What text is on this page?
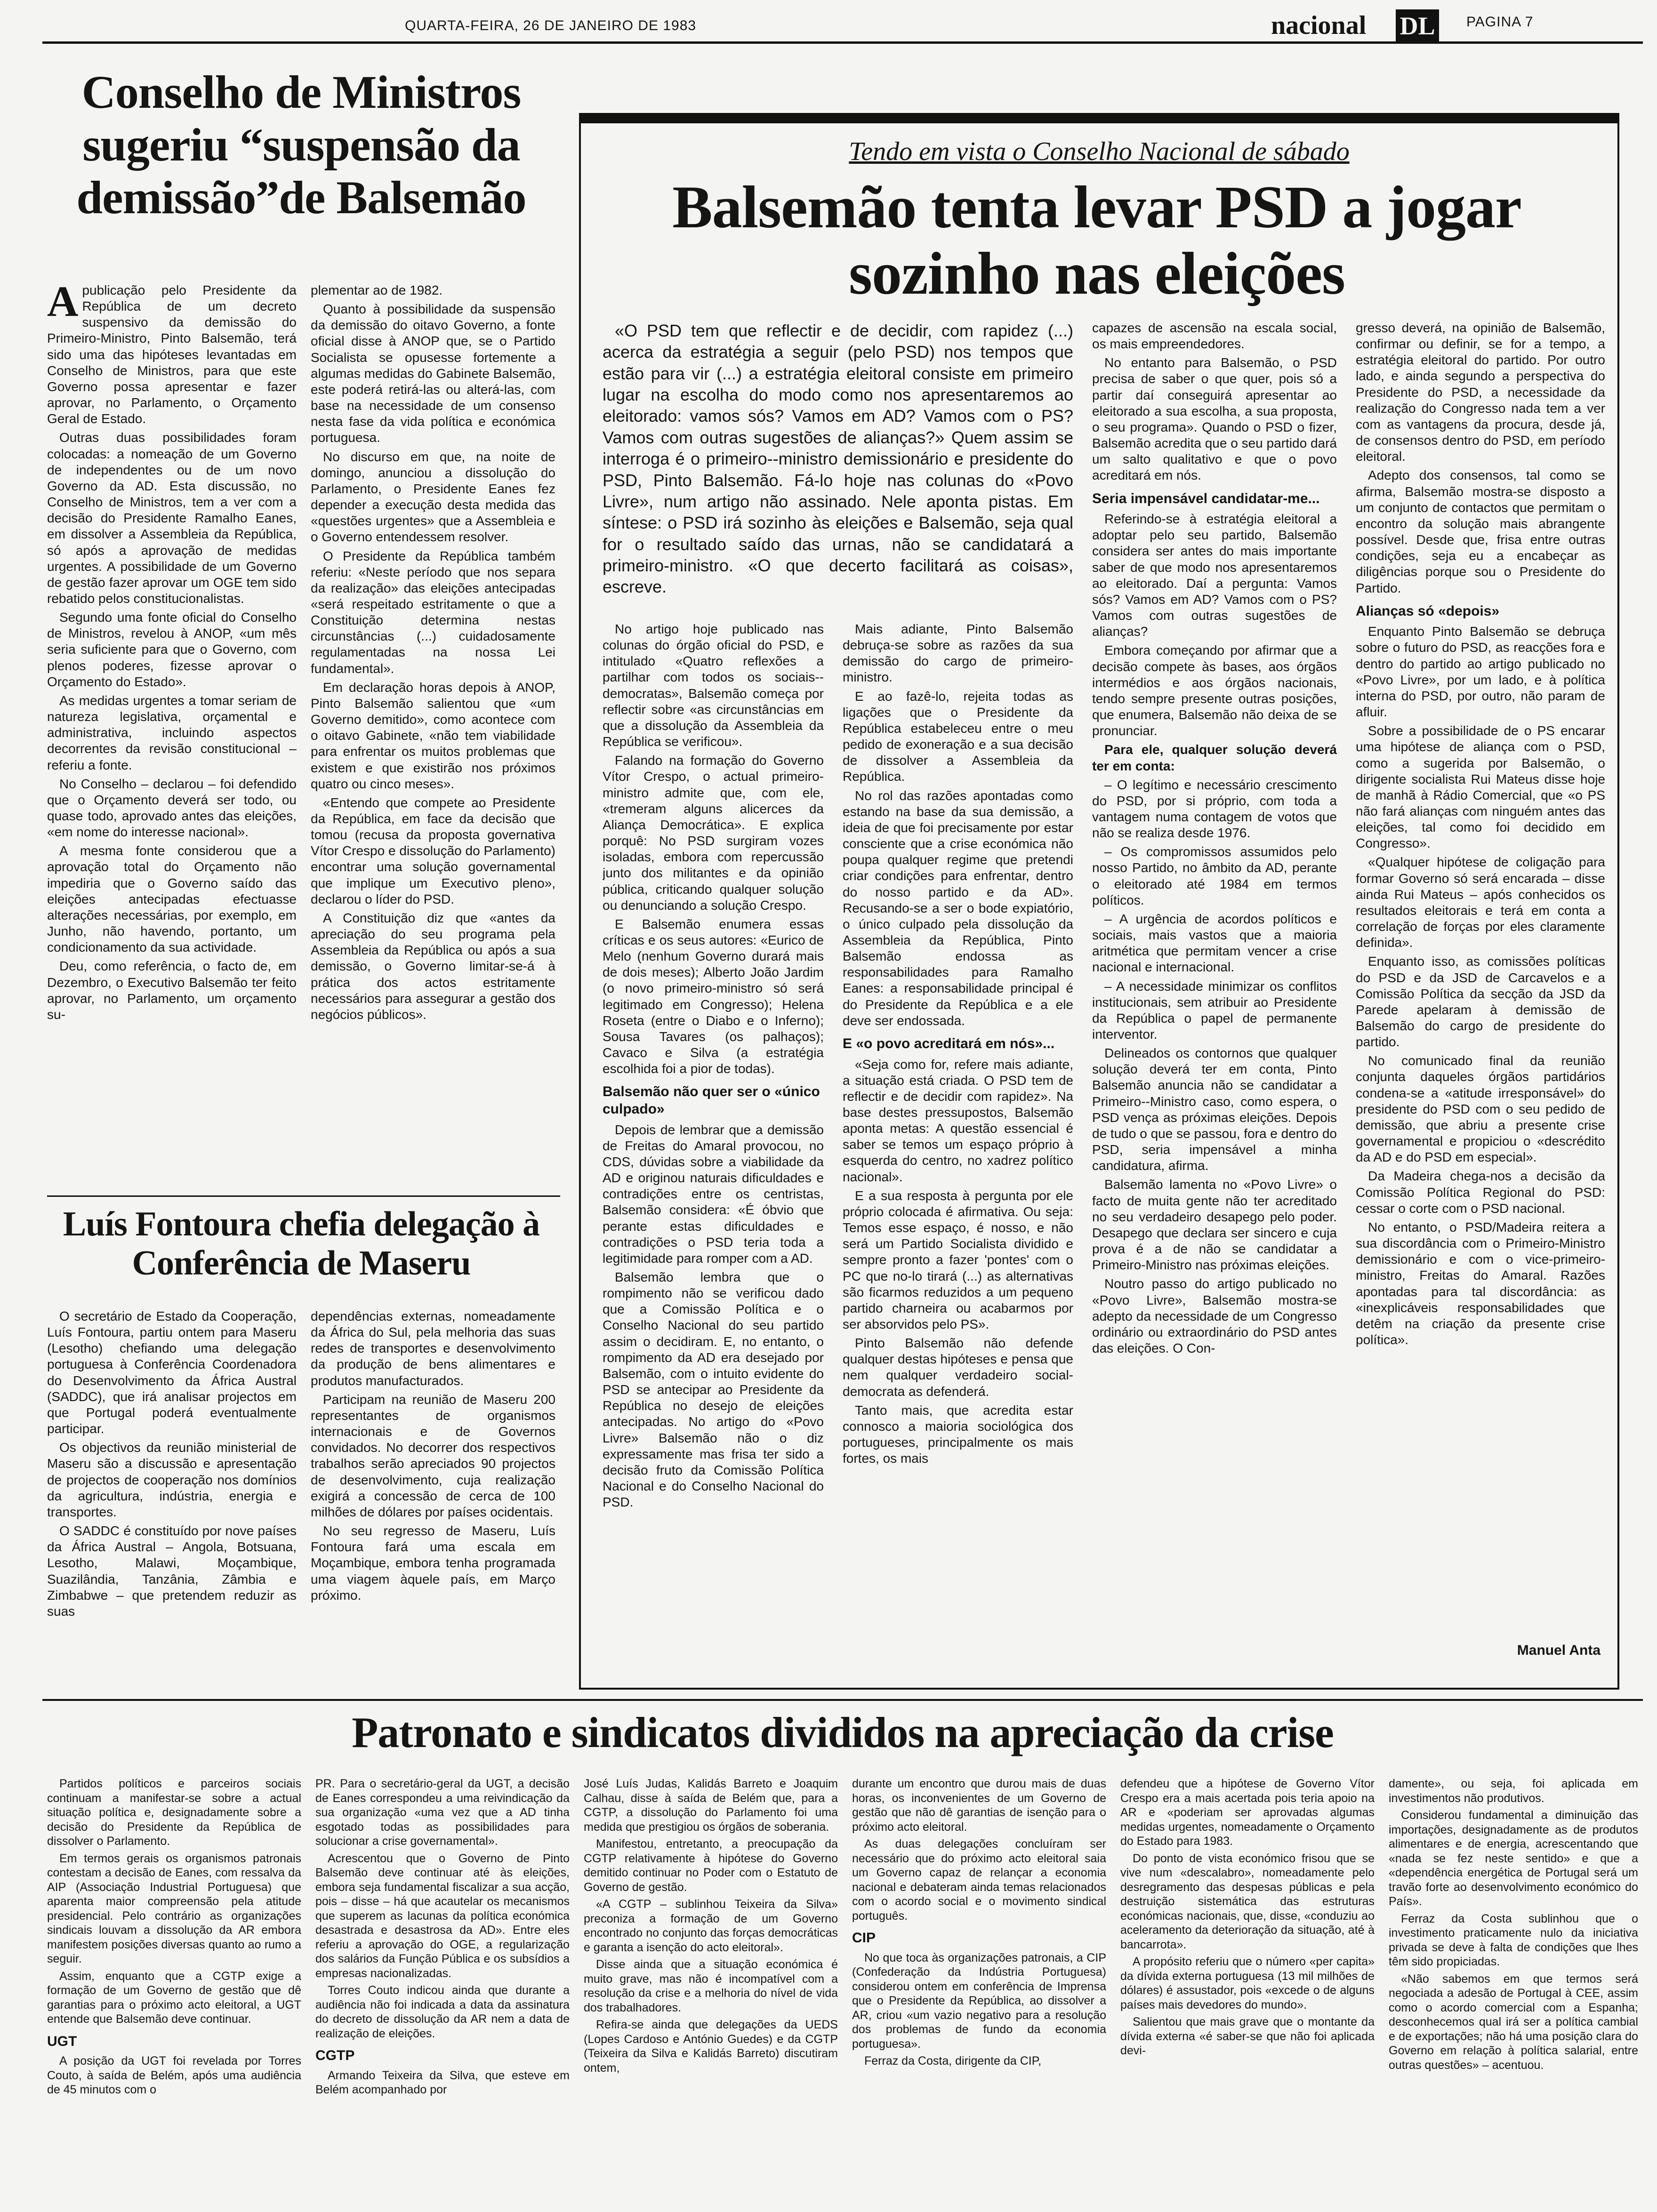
QUARTA-FEIRA, 26 DE JANEIRO DE 1983	nacional DL PAGINA 7
Conselho de Ministros sugeriu “suspensão da demissão”de Balsemão
A publicação pelo Presidente da República de um decreto suspensivo da demissão do Primeiro-Ministro, Pinto Balsemão, terá sido uma das hipóteses levantadas em Conselho de Ministros, para que este Governo possa apresentar e fazer aprovar, no Parlamento, o Orçamento Geral de Estado.

Outras duas possibilidades foram colocadas: a nomeação de um Governo de independentes ou de um novo Governo da AD. Esta discussão, no Conselho de Ministros, tem a ver com a decisão do Presidente Ramalho Eanes, em dissolver a Assembleia da República, só após a aprovação de medidas urgentes. A possibilidade de um Governo de gestão fazer aprovar um OGE tem sido rebatido pelos constitucionalistas.

Segundo uma fonte oficial do Conselho de Ministros, revelou à ANOP, «um mês seria suficiente para que o Governo, com plenos poderes, fizesse aprovar o Orçamento do Estado».

As medidas urgentes a tomar seriam de natureza legislativa, orçamental e administrativa, incluindo aspectos decorrentes da revisão constitucional – referiu a fonte.

No Conselho – declarou – foi defendido que o Orçamento deverá ser todo, ou quase todo, aprovado antes das eleições, «em nome do interesse nacional».

A mesma fonte considerou que a aprovação total do Orçamento não impediria que o Governo saído das eleições antecipadas efectuasse alterações necessárias, por exemplo, em Junho, não havendo, portanto, um condicionamento da sua actividade.

Deu, como referência, o facto de, em Dezembro, o Executivo Balsemão ter feito aprovar, no Parlamento, um orçamento su-

plementar ao de 1982.

Quanto à possibilidade da suspensão da demissão do oitavo Governo, a fonte oficial disse à ANOP que, se o Partido Socialista se opusesse fortemente a algumas medidas do Gabinete Balsemão, este poderá retirá-las ou alterá-las, com base na necessidade de um consenso nesta fase da vida política e económica portuguesa.

No discurso em que, na noite de domingo, anunciou a dissolução do Parlamento, o Presidente Eanes fez depender a execução desta medida das «questões urgentes» que a Assembleia e o Governo entendessem resolver.

O Presidente da República também referiu: «Neste período que nos separa da realização» das eleições antecipadas «será respeitado estritamente o que a Constituição determina nestas circunstâncias (...) cuidadosamente regulamentadas na nossa Lei fundamental».

Em declaração horas depois à ANOP, Pinto Balsemão salientou que «um Governo demitido», como acontece com o oitavo Gabinete, «não tem viabilidade para enfrentar os muitos problemas que existem e que existirão nos próximos quatro ou cinco meses».

«Entendo que compete ao Presidente da República, em face da decisão que tomou (recusa da proposta governativa Vítor Crespo e dissolução do Parlamento) encontrar uma solução governamental que implique um Executivo pleno», declarou o líder do PSD.

A Constituição diz que «antes da apreciação do seu programa pela Assembleia da República ou após a sua demissão, o Governo limitar-se-á à prática dos actos estritamente necessários para assegurar a gestão dos negócios públicos».

Luís Fontoura chefia delegação à Conferência de Maseru

O secretário de Estado da Cooperação, Luís Fontoura, partiu ontem para Maseru (Lesotho) chefiando uma delegação portuguesa à Conferência Coordenadora do Desenvolvimento da África Austral (SADDC), que irá analisar projectos em que Portugal poderá eventualmente participar.

Os objectivos da reunião ministerial de Maseru são a discussão e apresentação de projectos de cooperação nos domínios da agricultura, indústria, energia e transportes.

O SADDC é constituído por nove países da África Austral – Angola, Botsuana, Lesotho, Malawi, Moçambique, Suazilândia, Tanzânia, Zâmbia e Zimbabwe – que pretendem reduzir as suas

dependências externas, nomeadamente da África do Sul, pela melhoria das suas redes de transportes e desenvolvimento da produção de bens alimentares e produtos manufacturados.

Participam na reunião de Maseru 200 representantes de organismos internacionais e de Governos convidados. No decorrer dos respectivos trabalhos serão apreciados 90 projectos de desenvolvimento, cuja realização exigirá a concessão de cerca de 100 milhões de dólares por países ocidentais.

No seu regresso de Maseru, Luís Fontoura fará uma escala em Moçambique, embora tenha programada uma viagem àquele país, em Março próximo.

Tendo em vista o Conselho Nacional de sábado
Balsemão tenta levar PSD a jogar sozinho nas eleições

«O PSD tem que reflectir e de decidir, com rapidez (...) acerca da estratégia a seguir (pelo PSD) nos tempos que estão para vir (...) a estratégia eleitoral consiste em primeiro lugar na escolha do modo como nos apresentaremos ao eleitorado: vamos sós? Vamos em AD? Vamos com o PS? Vamos com outras sugestões de alianças?» Quem assim se interroga é o primeiro--ministro demissionário e presidente do PSD, Pinto Balsemão. Fá-lo hoje nas colunas do «Povo Livre», num artigo não assinado. Nele aponta pistas. Em síntese: o PSD irá sozinho às eleições e Balsemão, seja qual for o resultado saído das urnas, não se candidatará a primeiro-ministro. «O que decerto facilitará as coisas», escreve.

No artigo hoje publicado nas colunas do órgão oficial do PSD, e intitulado «Quatro reflexões a partilhar com todos os sociais--democratas», Balsemão começa por reflectir sobre «as circunstâncias em que a dissolução da Assembleia da República se verificou».

Falando na formação do Governo Vítor Crespo, o actual primeiro-ministro admite que, com ele, «tremeram alguns alicerces da Aliança Democrática». E explica porquê: No PSD surgiram vozes isoladas, embora com repercussão junto dos militantes e da opinião pública, criticando qualquer solução ou denunciando a solução Crespo.

E Balsemão enumera essas críticas e os seus autores: «Eurico de Melo (nenhum Governo durará mais de dois meses); Alberto João Jardim (o novo primeiro-ministro só será legitimado em Congresso); Helena Roseta (entre o Diabo e o Inferno); Sousa Tavares (os palhaços); Cavaco e Silva (a estratégia escolhida foi a pior de todas).

Balsemão não quer ser o «único culpado»

Depois de lembrar que a demissão de Freitas do Amaral provocou, no CDS, dúvidas sobre a viabilidade da AD e originou naturais dificuldades e contradições entre os centristas, Balsemão considera: «É óbvio que perante estas dificuldades e contradições o PSD teria toda a legitimidade para romper com a AD.

Balsemão lembra que o rompimento não se verificou dado que a Comissão Política e o Conselho Nacional do seu partido assim o decidiram. E, no entanto, o rompimento da AD era desejado por Balsemão, com o intuito evidente do PSD se antecipar ao Presidente da República no desejo de eleições antecipadas. No artigo do «Povo Livre» Balsemão não o diz expressamente mas frisa ter sido a decisão fruto da Comissão Política Nacional e do Conselho Nacional do PSD.

Mais adiante, Pinto Balsemão debruça-se sobre as razões da sua demissão do cargo de primeiro-ministro.

E ao fazê-lo, rejeita todas as ligações que o Presidente da República estabeleceu entre o meu pedido de exoneração e a sua decisão de dissolver a Assembleia da República.

No rol das razões apontadas como estando na base da sua demissão, a ideia de que foi precisamente por estar consciente que a crise económica não poupa qualquer regime que pretendi criar condições para enfrentar, dentro do nosso partido e da AD». Recusando-se a ser o bode expiatório, o único culpado pela dissolução da Assembleia da República, Pinto Balsemão endossa as responsabilidades para Ramalho Eanes: a responsabilidade principal é do Presidente da República e a ele deve ser endossada.

E «o povo acreditará em nós»...

«Seja como for, refere mais adiante, a situação está criada. O PSD tem de reflectir e de decidir com rapidez». Na base destes pressupostos, Balsemão aponta metas: A questão essencial é saber se temos um espaço próprio à esquerda do centro, no xadrez político nacional».

E a sua resposta à pergunta por ele próprio colocada é afirmativa. Ou seja: Temos esse espaço, é nosso, e não será um Partido Socialista dividido e sempre pronto a fazer 'pontes' com o PC que no-lo tirará (...) as alternativas são ficarmos reduzidos a um pequeno partido charneira ou acabarmos por ser absorvidos pelo PS».

Pinto Balsemão não defende qualquer destas hipóteses e pensa que nem qualquer verdadeiro social-democrata as defenderá.

Tanto mais, que acredita estar connosco a maioria sociológica dos portugueses, principalmente os mais fortes, os mais

capazes de ascensão na escala social, os mais empreendedores.

No entanto para Balsemão, o PSD precisa de saber o que quer, pois só a partir daí conseguirá apresentar ao eleitorado a sua escolha, a sua proposta, o seu programa». Quando o PSD o fizer, Balsemão acredita que o seu partido dará um salto qualitativo e que o povo acreditará em nós.

Seria impensável candidatar-me...

Referindo-se à estratégia eleitoral a adoptar pelo seu partido, Balsemão considera ser antes do mais importante saber de que modo nos apresentaremos ao eleitorado. Daí a pergunta: Vamos sós? Vamos em AD? Vamos com o PS? Vamos com outras sugestões de alianças?

Embora começando por afirmar que a decisão compete às bases, aos órgãos intermédios e aos órgãos nacionais, tendo sempre presente outras posições, que enumera, Balsemão não deixa de se pronunciar.

Para ele, qualquer solução deverá ter em conta:

– O legítimo e necessário crescimento do PSD, por si próprio, com toda a vantagem numa contagem de votos que não se realiza desde 1976.

– Os compromissos assumidos pelo nosso Partido, no âmbito da AD, perante o eleitorado até 1984 em termos políticos.

– A urgência de acordos políticos e sociais, mais vastos que a maioria aritmética que permitam vencer a crise nacional e internacional.

– A necessidade minimizar os conflitos institucionais, sem atribuir ao Presidente da República o papel de permanente interventor.

Delineados os contornos que qualquer solução deverá ter em conta, Pinto Balsemão anuncia não se candidatar a Primeiro--Ministro caso, como espera, o PSD vença as próximas eleições. Depois de tudo o que se passou, fora e dentro do PSD, seria impensável a minha candidatura, afirma.

Balsemão lamenta no «Povo Livre» o facto de muita gente não ter acreditado no seu verdadeiro desapego pelo poder. Desapego que declara ser sincero e cuja prova é a de não se candidatar a Primeiro-Ministro nas próximas eleições.

Noutro passo do artigo publicado no «Povo Livre», Balsemão mostra-se adepto da necessidade de um Congresso ordinário ou extraordinário do PSD antes das eleições. O Con-

gresso deverá, na opinião de Balsemão, confirmar ou definir, se for a tempo, a estratégia eleitoral do partido. Por outro lado, e ainda segundo a perspectiva do Presidente do PSD, a necessidade da realização do Congresso nada tem a ver com as vantagens da procura, desde já, de consensos dentro do PSD, em período eleitoral.

Adepto dos consensos, tal como se afirma, Balsemão mostra-se disposto a um conjunto de contactos que permitam o encontro da solução mais abrangente possível. Desde que, frisa entre outras condições, seja eu a encabeçar as diligências porque sou o Presidente do Partido.

Alianças só «depois»

Enquanto Pinto Balsemão se debruça sobre o futuro do PSD, as reacções fora e dentro do partido ao artigo publicado no «Povo Livre», por um lado, e à política interna do PSD, por outro, não param de afluir.

Sobre a possibilidade de o PS encarar uma hipótese de aliança com o PSD, como a sugerida por Balsemão, o dirigente socialista Rui Mateus disse hoje de manhã à Rádio Comercial, que «o PS não fará alianças com ninguém antes das eleições, tal como foi decidido em Congresso».

«Qualquer hipótese de coligação para formar Governo só será encarada – disse ainda Rui Mateus – após conhecidos os resultados eleitorais e terá em conta a correlação de forças por eles claramente definida».

Enquanto isso, as comissões políticas do PSD e da JSD de Carcavelos e a Comissão Política da secção da JSD da Parede apelaram à demissão de Balsemão do cargo de presidente do partido.

No comunicado final da reunião conjunta daqueles órgãos partidários condena-se a «atitude irresponsável» do presidente do PSD com o seu pedido de demissão, que abriu a presente crise governamental e propiciou o «descrédito da AD e do PSD em especial».

Da Madeira chega-nos a decisão da Comissão Política Regional do PSD: cessar o corte com o PSD nacional.

No entanto, o PSD/Madeira reitera a sua discordância com o Primeiro-Ministro demissionário e com o vice-primeiro-ministro, Freitas do Amaral. Razões apontadas para tal discordância: as «inexplicáveis responsabilidades que detêm na criação da presente crise política».

Manuel Anta
Patronato e sindicatos divididos na apreciação da crise

Partidos políticos e parceiros sociais continuam a manifestar-se sobre a actual situação política e, designadamente sobre a decisão do Presidente da República de dissolver o Parlamento.

Em termos gerais os organismos patronais contestam a decisão de Eanes, com ressalva da AIP (Associação Industrial Portuguesa) que aparenta maior compreensão pela atitude presidencial. Pelo contrário as organizações sindicais louvam a dissolução da AR embora manifestem posições diversas quanto ao rumo a seguir.

Assim, enquanto que a CGTP exige a formação de um Governo de gestão que dê garantias para o próximo acto eleitoral, a UGT entende que Balsemão deve continuar.

UGT

A posição da UGT foi revelada por Torres Couto, à saída de Belém, após uma audiência de 45 minutos com o

PR. Para o secretário-geral da UGT, a decisão de Eanes correspondeu a uma reivindicação da sua organização «uma vez que a AD tinha esgotado todas as possibilidades para solucionar a crise governamental».

Acrescentou que o Governo de Pinto Balsemão deve continuar até às eleições, embora seja fundamental fiscalizar a sua acção, pois – disse – há que acautelar os mecanismos que superem as lacunas da política económica desastrada e desastrosa da AD». Entre eles referiu a aprovação do OGE, a regularização dos salários da Função Pública e os subsídios a empresas nacionalizadas.

Torres Couto indicou ainda que durante a audiência não foi indicada a data da assinatura do decreto de dissolução da AR nem a data de realização de eleições.

CGTP

Armando Teixeira da Silva, que esteve em Belém acompanhado por

José Luís Judas, Kalidás Barreto e Joaquim Calhau, disse à saída de Belém que, para a CGTP, a dissolução do Parlamento foi uma medida que prestigiou os órgãos de soberania.

Manifestou, entretanto, a preocupação da CGTP relativamente à hipótese do Governo demitido continuar no Poder com o Estatuto de Governo de gestão.

«A CGTP – sublinhou Teixeira da Silva» preconiza a formação de um Governo encontrado no conjunto das forças democráticas e garanta a isenção do acto eleitoral».

Disse ainda que a situação económica é muito grave, mas não é incompatível com a resolução da crise e a melhoria do nível de vida dos trabalhadores.

Refira-se ainda que delegações da UEDS (Lopes Cardoso e António Guedes) e da CGTP (Teixeira da Silva e Kalidás Barreto) discutiram ontem,

durante um encontro que durou mais de duas horas, os inconvenientes de um Governo de gestão que não dê garantias de isenção para o próximo acto eleitoral.

As duas delegações concluíram ser necessário que do próximo acto eleitoral saia um Governo capaz de relançar a economia nacional e debateram ainda temas relacionados com o acordo social e o movimento sindical português.

CIP

No que toca às organizações patronais, a CIP (Confederação da Indústria Portuguesa) considerou ontem em conferência de Imprensa que o Presidente da República, ao dissolver a AR, criou «um vazio negativo para a resolução dos problemas de fundo da economia portuguesa».

Ferraz da Costa, dirigente da CIP,

defendeu que a hipótese de Governo Vítor Crespo era a mais acertada pois teria apoio na AR e «poderiam ser aprovadas algumas medidas urgentes, nomeadamente o Orçamento do Estado para 1983.

Do ponto de vista económico frisou que se vive num «descalabro», nomeadamente pelo desregramento das despesas públicas e pela destruição sistemática das estruturas económicas nacionais, que, disse, «conduziu ao aceleramento da deterioração da situação, até à bancarrota».

A propósito referiu que o número «per capita» da dívida externa portuguesa (13 mil milhões de dólares) é assustador, pois «excede o de alguns países mais devedores do mundo».

Salientou que mais grave que o montante da dívida externa «é saber-se que não foi aplicada devi-

damente», ou seja, foi aplicada em investimentos não produtivos.

Considerou fundamental a diminuição das importações, designadamente as de produtos alimentares e de energia, acrescentando que «nada se fez neste sentido» e que a «dependência energética de Portugal será um travão forte ao desenvolvimento económico do País».

Ferraz da Costa sublinhou que o investimento praticamente nulo da iniciativa privada se deve à falta de condições que lhes têm sido propiciadas.

«Não sabemos em que termos será negociada a adesão de Portugal à CEE, assim como o acordo comercial com a Espanha; desconhecemos qual irá ser a política cambial e de exportações; não há uma posição clara do Governo em relação à política salarial, entre outras questões» – acentuou.
